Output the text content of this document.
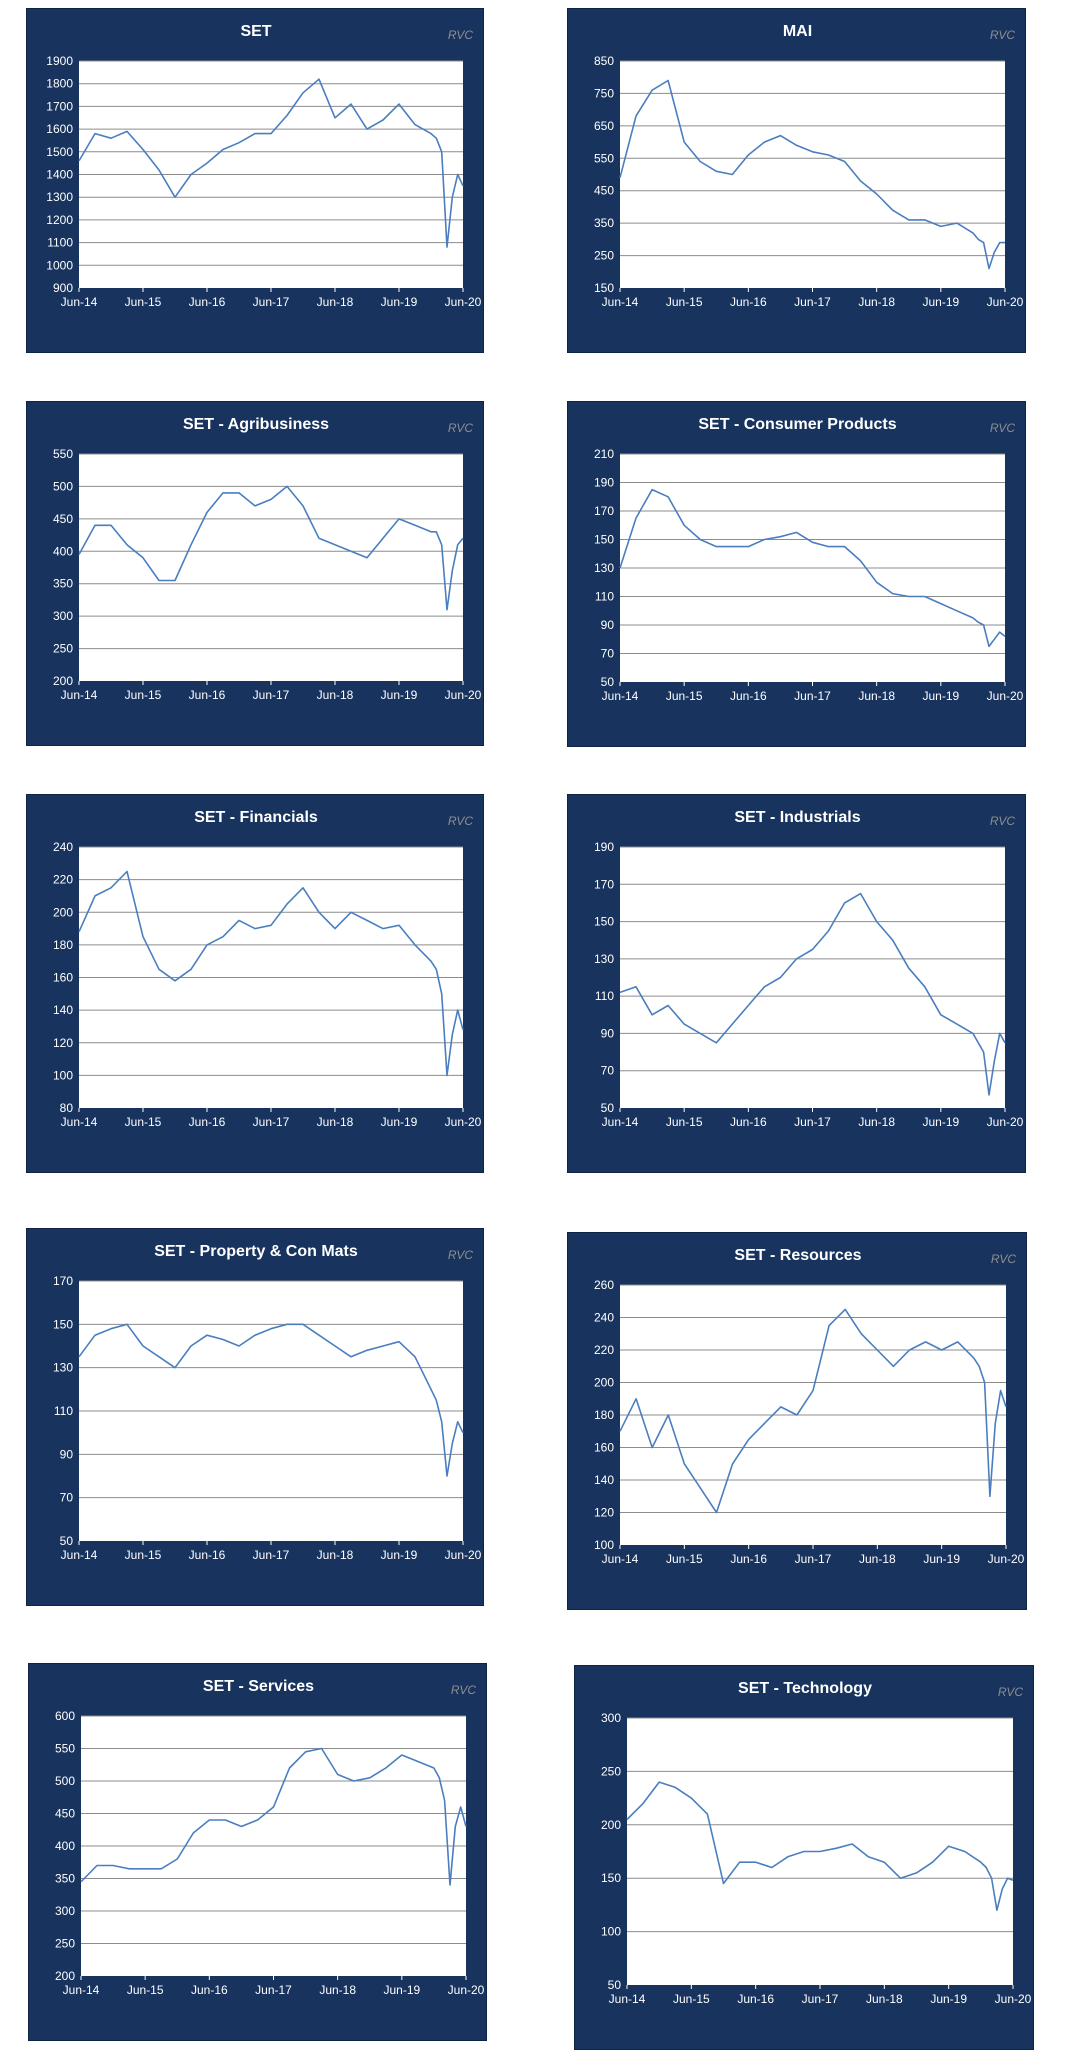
SET	RVC
900
1000
1100
1200
1300
1400
1500
1600
1700
1800
1900
Jun-14 Jun-15 Jun-16 Jun-17 Jun-18 Jun-19 Jun-20
MAI	RVC
150
250
350
450
550
650
750
850
Jun-14 Jun-15 Jun-16 Jun-17 Jun-18 Jun-19 Jun-20
SET - Agribusiness	RVC
200
250
300
350
400
450
500
550
Jun-14 Jun-15 Jun-16 Jun-17 Jun-18 Jun-19 Jun-20
SET - Consumer Products	RVC
50
70
90
110
130
150
170
190
210
Jun-14 Jun-15 Jun-16 Jun-17 Jun-18 Jun-19 Jun-20
SET - Financials	RVC
80
100
120
140
160
180
200
220
240
Jun-14 Jun-15 Jun-16 Jun-17 Jun-18 Jun-19 Jun-20
SET - Industrials	RVC
50
70
90
110
130
150
170
190
Jun-14 Jun-15 Jun-16 Jun-17 Jun-18 Jun-19 Jun-20
SET - Property & Con Mats	RVC
50
70
90
110
130
150
170
Jun-14 Jun-15 Jun-16 Jun-17 Jun-18 Jun-19 Jun-20
SET - Resources	RVC
100
120
140
160
180
200
220
240
260
Jun-14 Jun-15 Jun-16 Jun-17 Jun-18 Jun-19 Jun-20
SET - Services	RVC
200
250
300
350
400
450
500
550
600
Jun-14 Jun-15 Jun-16 Jun-17 Jun-18 Jun-19 Jun-20
SET - Technology	RVC
50
100
150
200
250
300
Jun-14 Jun-15 Jun-16 Jun-17 Jun-18 Jun-19 Jun-20
